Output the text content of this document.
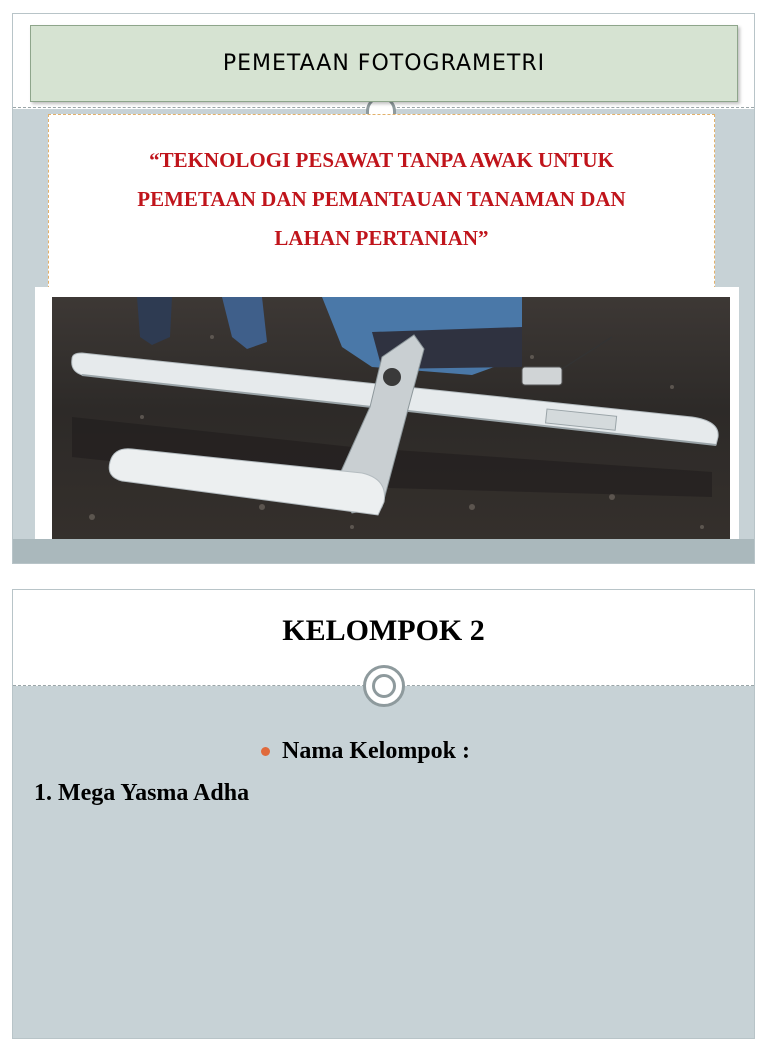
PEMETAAN FOTOGRAMETRI
“TEKNOLOGI PESAWAT TANPA AWAK UNTUK
PEMETAAN DAN PEMANTAUAN TANAMAN DAN
LAHAN PERTANIAN”
KELOMPOK 2
Nama Kelompok :
1. Mega Yasma Adha
